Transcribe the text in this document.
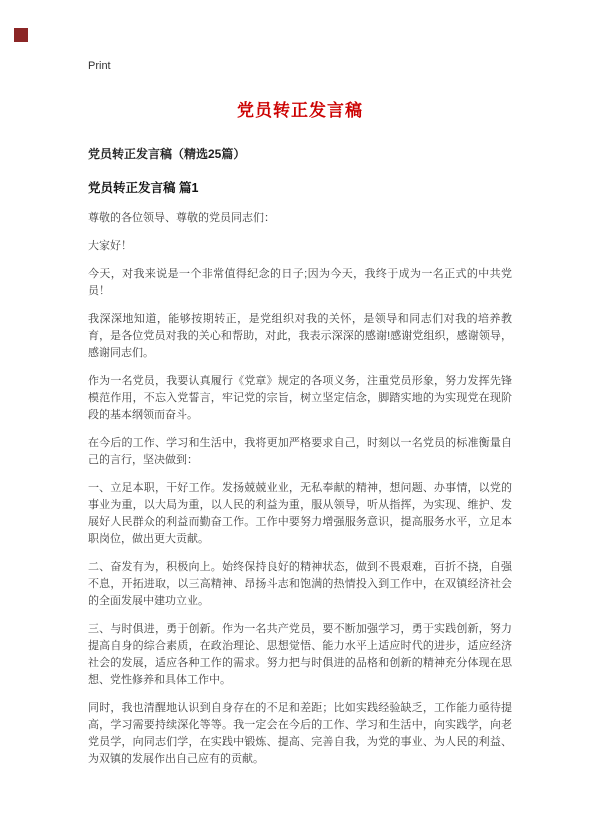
Print
党员转正发言稿
党员转正发言稿（精选25篇）
党员转正发言稿 篇1

尊敬的各位领导、尊敬的党员同志们：

大家好！

今天，对我来说是一个非常值得纪念的日子;因为今天，我终于成为一名正式的中共党员！

我深深地知道，能够按期转正，是党组织对我的关怀，是领导和同志们对我的培养教育，是各位党员对我的关心和帮助，对此，我表示深深的感谢!感谢党组织，感谢领导，感谢同志们。

作为一名党员，我要认真履行《党章》规定的各项义务，注重党员形象，努力发挥先锋模范作用，不忘入党誓言，牢记党的宗旨，树立坚定信念，脚踏实地的为实现党在现阶段的基本纲领而奋斗。

在今后的工作、学习和生活中，我将更加严格要求自己，时刻以一名党员的标准衡量自己的言行，坚决做到：

一、立足本职，干好工作。发扬兢兢业业，无私奉献的精神，想问题、办事情，以党的事业为重，以大局为重，以人民的利益为重，服从领导，听从指挥，为实现、维护、发展好人民群众的利益而勤奋工作。工作中要努力增强服务意识，提高服务水平，立足本职岗位，做出更大贡献。

二、奋发有为，积极向上。始终保持良好的精神状态，做到不畏艰难，百折不挠，自强不息，开拓进取，以三高精神、昂扬斗志和饱满的热情投入到工作中，在双镇经济社会的全面发展中建功立业。

三、与时俱进，勇于创新。作为一名共产党员，要不断加强学习，勇于实践创新，努力提高自身的综合素质，在政治理论、思想觉悟、能力水平上适应时代的进步，适应经济社会的发展，适应各种工作的需求。努力把与时俱进的品格和创新的精神充分体现在思想、党性修养和具体工作中。

同时，我也清醒地认识到自身存在的不足和差距；比如实践经验缺乏，工作能力亟待提高，学习需要持续深化等等。我一定会在今后的工作、学习和生活中，向实践学，向老党员学，向同志们学，在实践中锻炼、提高、完善自我，为党的事业、为人民的利益、为双镇的发展作出自己应有的贡献。
